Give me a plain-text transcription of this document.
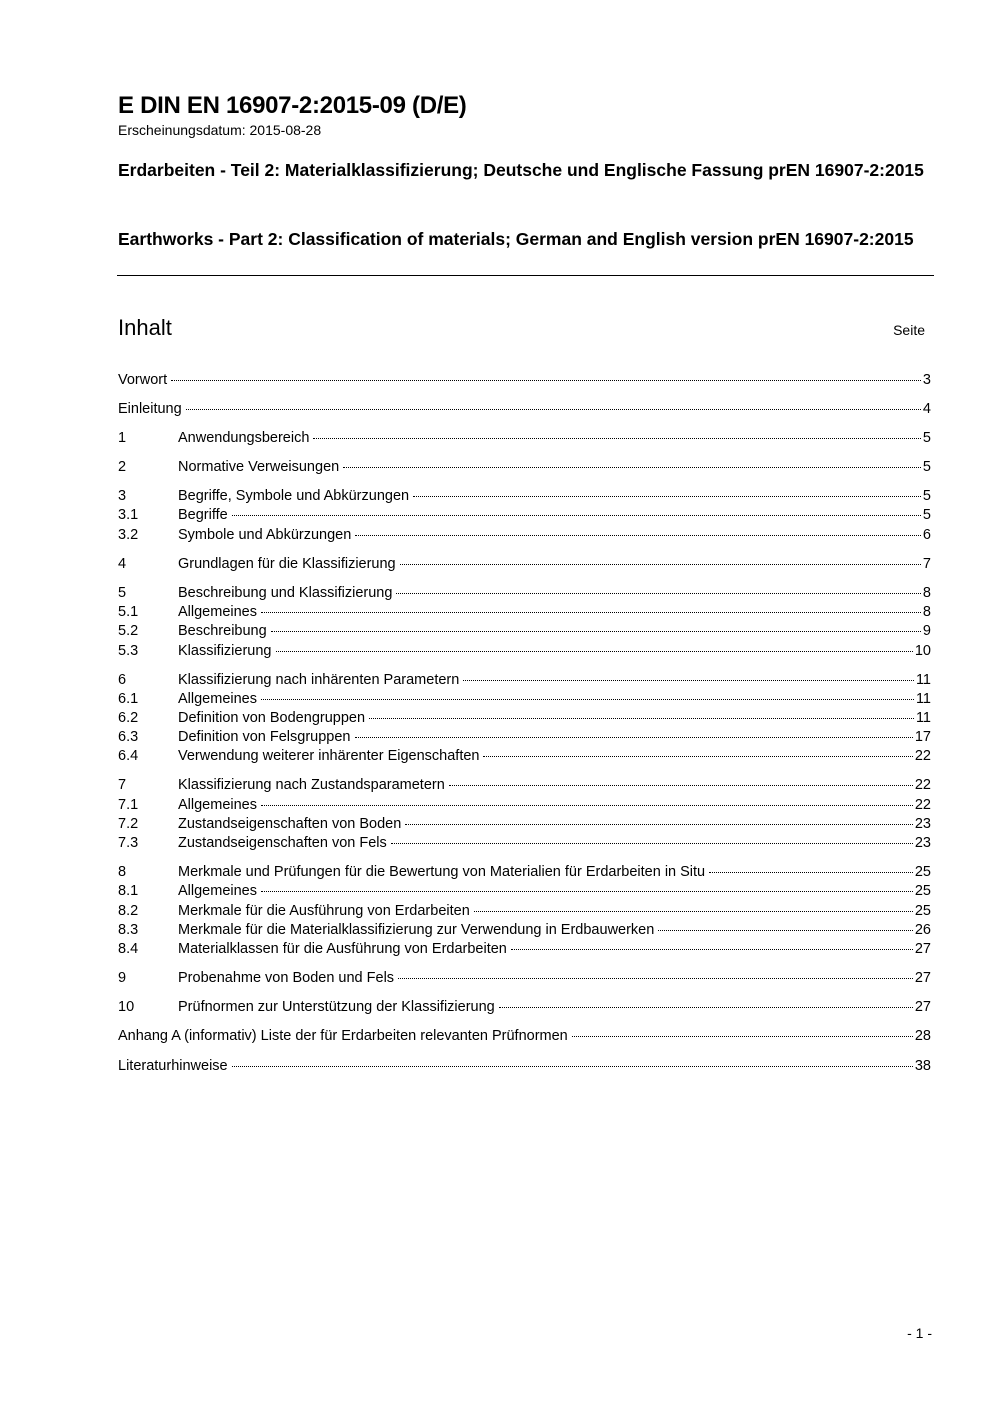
E DIN EN 16907-2:2015-09 (D/E)
Erscheinungsdatum: 2015-08-28
Erdarbeiten - Teil 2: Materialklassifizierung; Deutsche und Englische Fassung prEN 16907-2:2015
Earthworks - Part 2: Classification of materials; German and English version prEN 16907-2:2015
Inhalt	Seite
Vorwort	3
Einleitung	4
1	Anwendungsbereich	5
2	Normative Verweisungen	5
3	Begriffe, Symbole und Abkürzungen	5
3.1	Begriffe	5
3.2	Symbole und Abkürzungen	6
4	Grundlagen für die Klassifizierung	7
5	Beschreibung und Klassifizierung	8
5.1	Allgemeines	8
5.2	Beschreibung	9
5.3	Klassifizierung	10
6	Klassifizierung nach inhärenten Parametern	11
6.1	Allgemeines	11
6.2	Definition von Bodengruppen	11
6.3	Definition von Felsgruppen	17
6.4	Verwendung weiterer inhärenter Eigenschaften	22
7	Klassifizierung nach Zustandsparametern	22
7.1	Allgemeines	22
7.2	Zustandseigenschaften von Boden	23
7.3	Zustandseigenschaften von Fels	23
8	Merkmale und Prüfungen für die Bewertung von Materialien für Erdarbeiten in Situ	25
8.1	Allgemeines	25
8.2	Merkmale für die Ausführung von Erdarbeiten	25
8.3	Merkmale für die Materialklassifizierung zur Verwendung in Erdbauwerken	26
8.4	Materialklassen für die Ausführung von Erdarbeiten	27
9	Probenahme von Boden und Fels	27
10	Prüfnormen zur Unterstützung der Klassifizierung	27
Anhang A (informativ) Liste der für Erdarbeiten relevanten Prüfnormen	28
Literaturhinweise	38
- 1 -
